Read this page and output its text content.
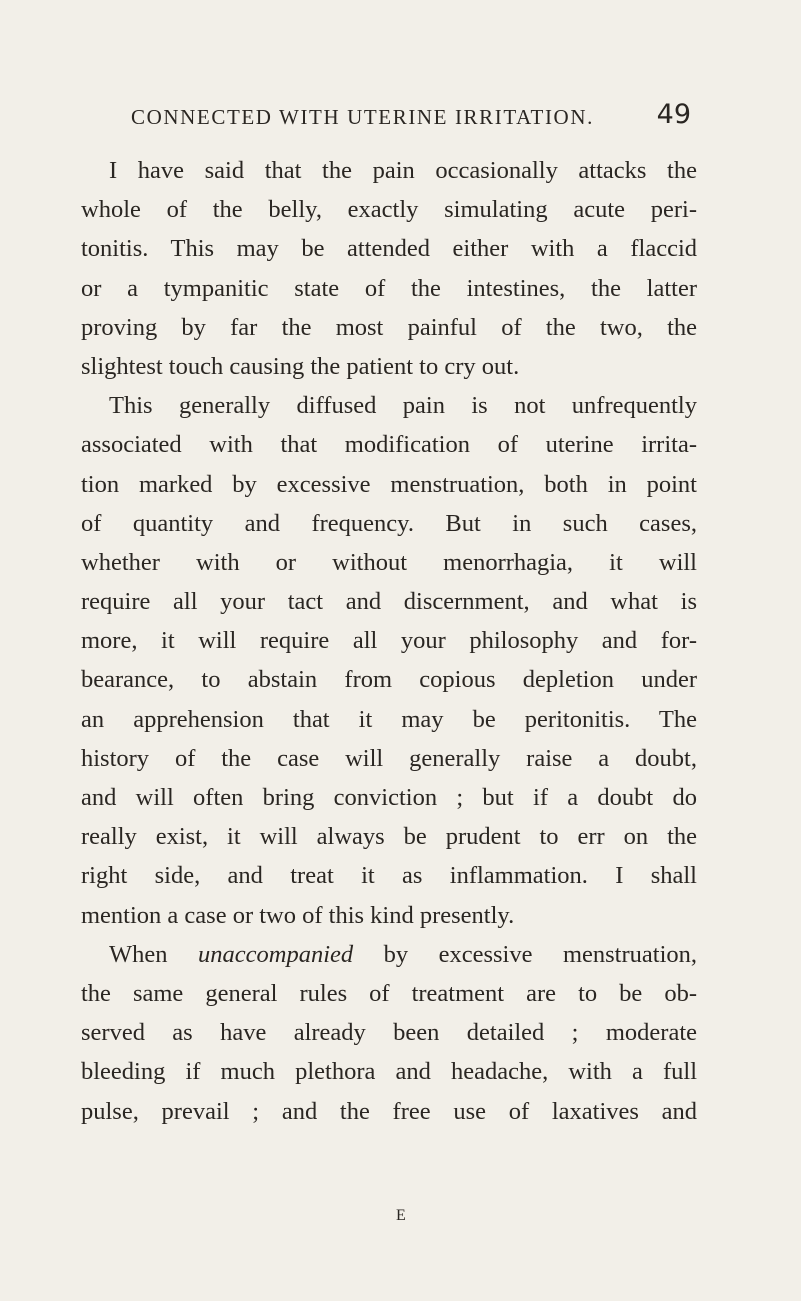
CONNECTED WITH UTERINE IRRITATION. 49
I have said that the pain occasionally attacks the
whole of the belly, exactly simulating acute peri-
tonitis. This may be attended either with a flaccid
or a tympanitic state of the intestines, the latter
proving by far the most painful of the two, the
slightest touch causing the patient to cry out.
This generally diffused pain is not unfrequently
associated with that modification of uterine irrita-
tion marked by excessive menstruation, both in point
of quantity and frequency. But in such cases,
whether with or without menorrhagia, it will
require all your tact and discernment, and what is
more, it will require all your philosophy and for-
bearance, to abstain from copious depletion under
an apprehension that it may be peritonitis. The
history of the case will generally raise a doubt,
and will often bring conviction ; but if a doubt do
really exist, it will always be prudent to err on the
right side, and treat it as inflammation. I shall
mention a case or two of this kind presently.
When unaccompanied by excessive menstruation,
the same general rules of treatment are to be ob-
served as have already been detailed ; moderate
bleeding if much plethora and headache, with a full
pulse, prevail ; and the free use of laxatives and
E
